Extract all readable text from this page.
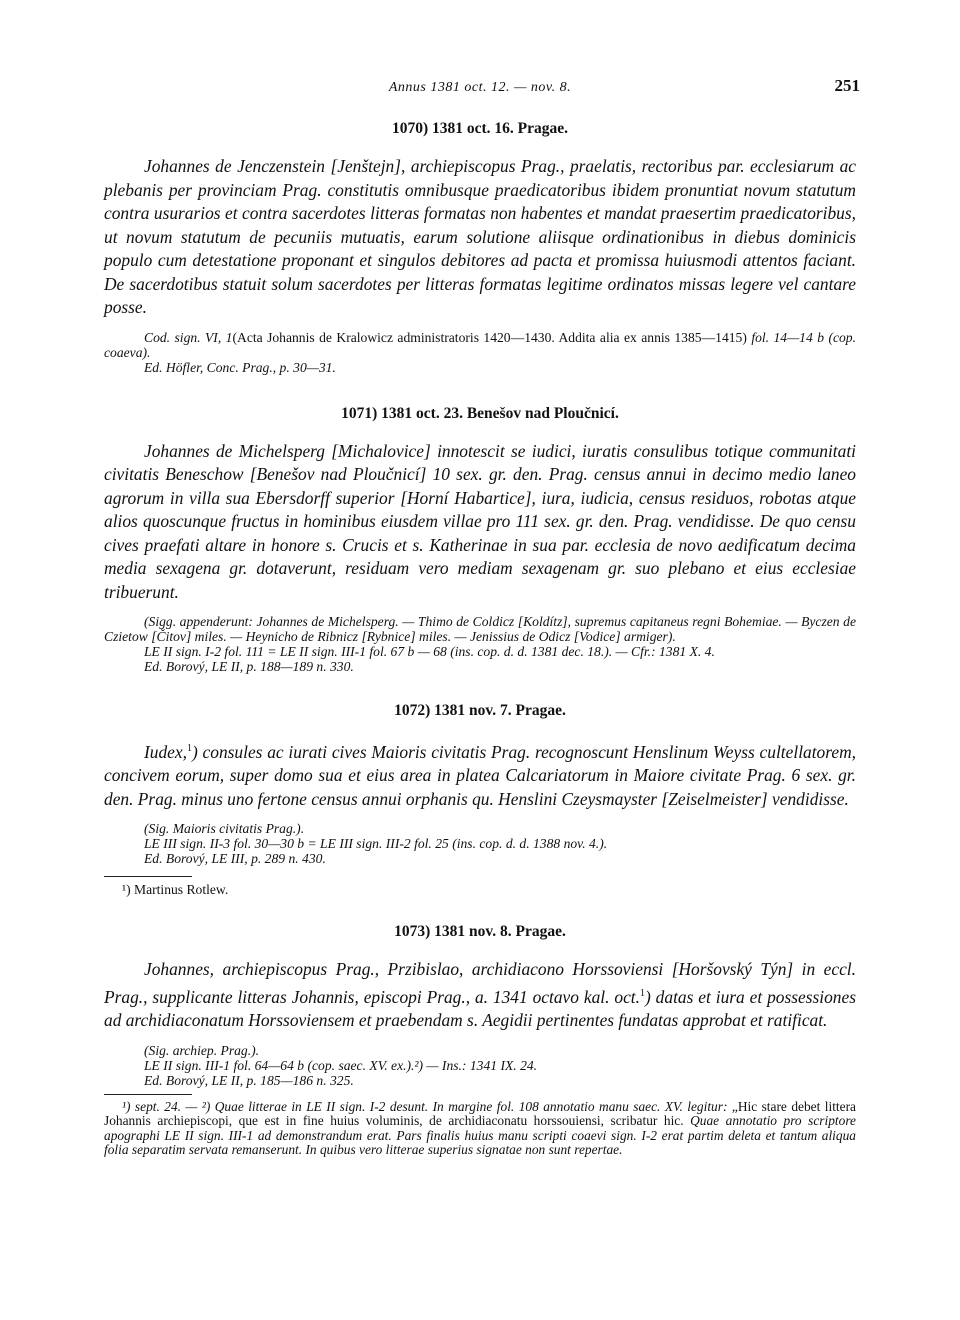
Annus 1381 oct. 12. — nov. 8.	251
1070) 1381 oct. 16. Pragae.

Johannes de Jenczenstein [Jenštejn], archiepiscopus Prag., praelatis, rectoribus par. ecclesiarum ac plebanis per provinciam Prag. constitutis omnibusque praedicatoribus ibidem pronuntiat novum statutum contra usurarios et contra sacerdotes litteras formatas non habentes et mandat praesertim praedicatoribus, ut novum statutum de pecuniis mutuatis, earum solutione aliisque ordinationibus in diebus dominicis populo cum detestatione proponant et singulos debitores ad pacta et promissa huiusmodi attentos faciant. De sacerdotibus statuit solum sacerdotes per litteras formatas legitime ordinatos missas legere vel cantare posse.

Cod. sign. VI, 1(Acta Johannis de Kralowicz administratoris 1420—1430. Addita alia ex annis 1385—1415) fol. 14—14 b (cop. coaeva).

Ed. Höfler, Conc. Prag., p. 30—31.

1071) 1381 oct. 23. Benešov nad Ploučnicí.

Johannes de Michelsperg [Michalovice] innotescit se iudici, iuratis consulibus totique communitati civitatis Beneschow [Benešov nad Ploučnicí] 10 sex. gr. den. Prag. census annui in decimo medio laneo agrorum in villa sua Ebersdorff superior [Horní Habartice], iura, iudicia, census residuos, robotas atque alios quoscunque fructus in hominibus eiusdem villae pro 111 sex. gr. den. Prag. vendidisse. De quo censu cives praefati altare in honore s. Crucis et s. Katherinae in sua par. ecclesia de novo aedificatum decima media sexagena gr. dotaverunt, residuam vero mediam sexagenam gr. suo plebano et eius ecclesiae tribuerunt.

(Sigg. appenderunt: Johannes de Michelsperg. — Thimo de Coldicz [Koldítz], supremus capitaneus regni Bohemiae. — Byczen de Czietow [Čitov] miles. — Heynicho de Ribnicz [Rybnice] miles. — Jenissius de Odicz [Vodice] armiger).

LE II sign. I-2 fol. 111 = LE II sign. III-1 fol. 67 b — 68 (ins. cop. d. d. 1381 dec. 18.). — Cfr.: 1381 X. 4.

Ed. Borový, LE II, p. 188—189 n. 330.

1072) 1381 nov. 7. Pragae.

Iudex,$^1$) consules ac iurati cives Maioris civitatis Prag. recognoscunt Henslinum Weyss cultellatorem, concivem eorum, super domo sua et eius area in platea Calcariatorum in Maiore civitate Prag. 6 sex. gr. den. Prag. minus uno fertone census annui orphanis qu. Henslini Czeysmayster [Zeiselmeister] vendidisse.

(Sig. Maioris civitatis Prag.).

LE III sign. II-3 fol. 30—30 b = LE III sign. III-2 fol. 25 (ins. cop. d. d. 1388 nov. 4.).

Ed. Borový, LE III, p. 289 n. 430.

¹) Martinus Rotlew.

1073) 1381 nov. 8. Pragae.

Johannes, archiepiscopus Prag., Przibislao, archidiacono Horssoviensi [Horšovský Týn] in eccl. Prag., supplicante litteras Johannis, episcopi Prag., a. 1341 octavo kal. oct.$^1$) datas et iura et possessiones ad archidiaconatum Horssoviensem et praebendam s. Aegidii pertinentes fundatas approbat et ratificat.

(Sig. archiep. Prag.).

LE II sign. III-1 fol. 64—64 b (cop. saec. XV. ex.).²) — Ins.: 1341 IX. 24.

Ed. Borový, LE II, p. 185—186 n. 325.

¹) sept. 24. — ²) Quae litterae in LE II sign. I-2 desunt. In margine fol. 108 annotatio manu saec. XV. legitur: „Hic stare debet littera Johannis archiepiscopi, que est in fine huius voluminis, de archidiaconatu horssouiensi, scribatur hic. Quae annotatio pro scriptore apographi LE II sign. III-1 ad demonstrandum erat. Pars finalis huius manu scripti coaevi sign. I-2 erat partim deleta et tantum aliqua folia separatim servata remanserunt. In quibus vero litterae superius signatae non sunt repertae.
